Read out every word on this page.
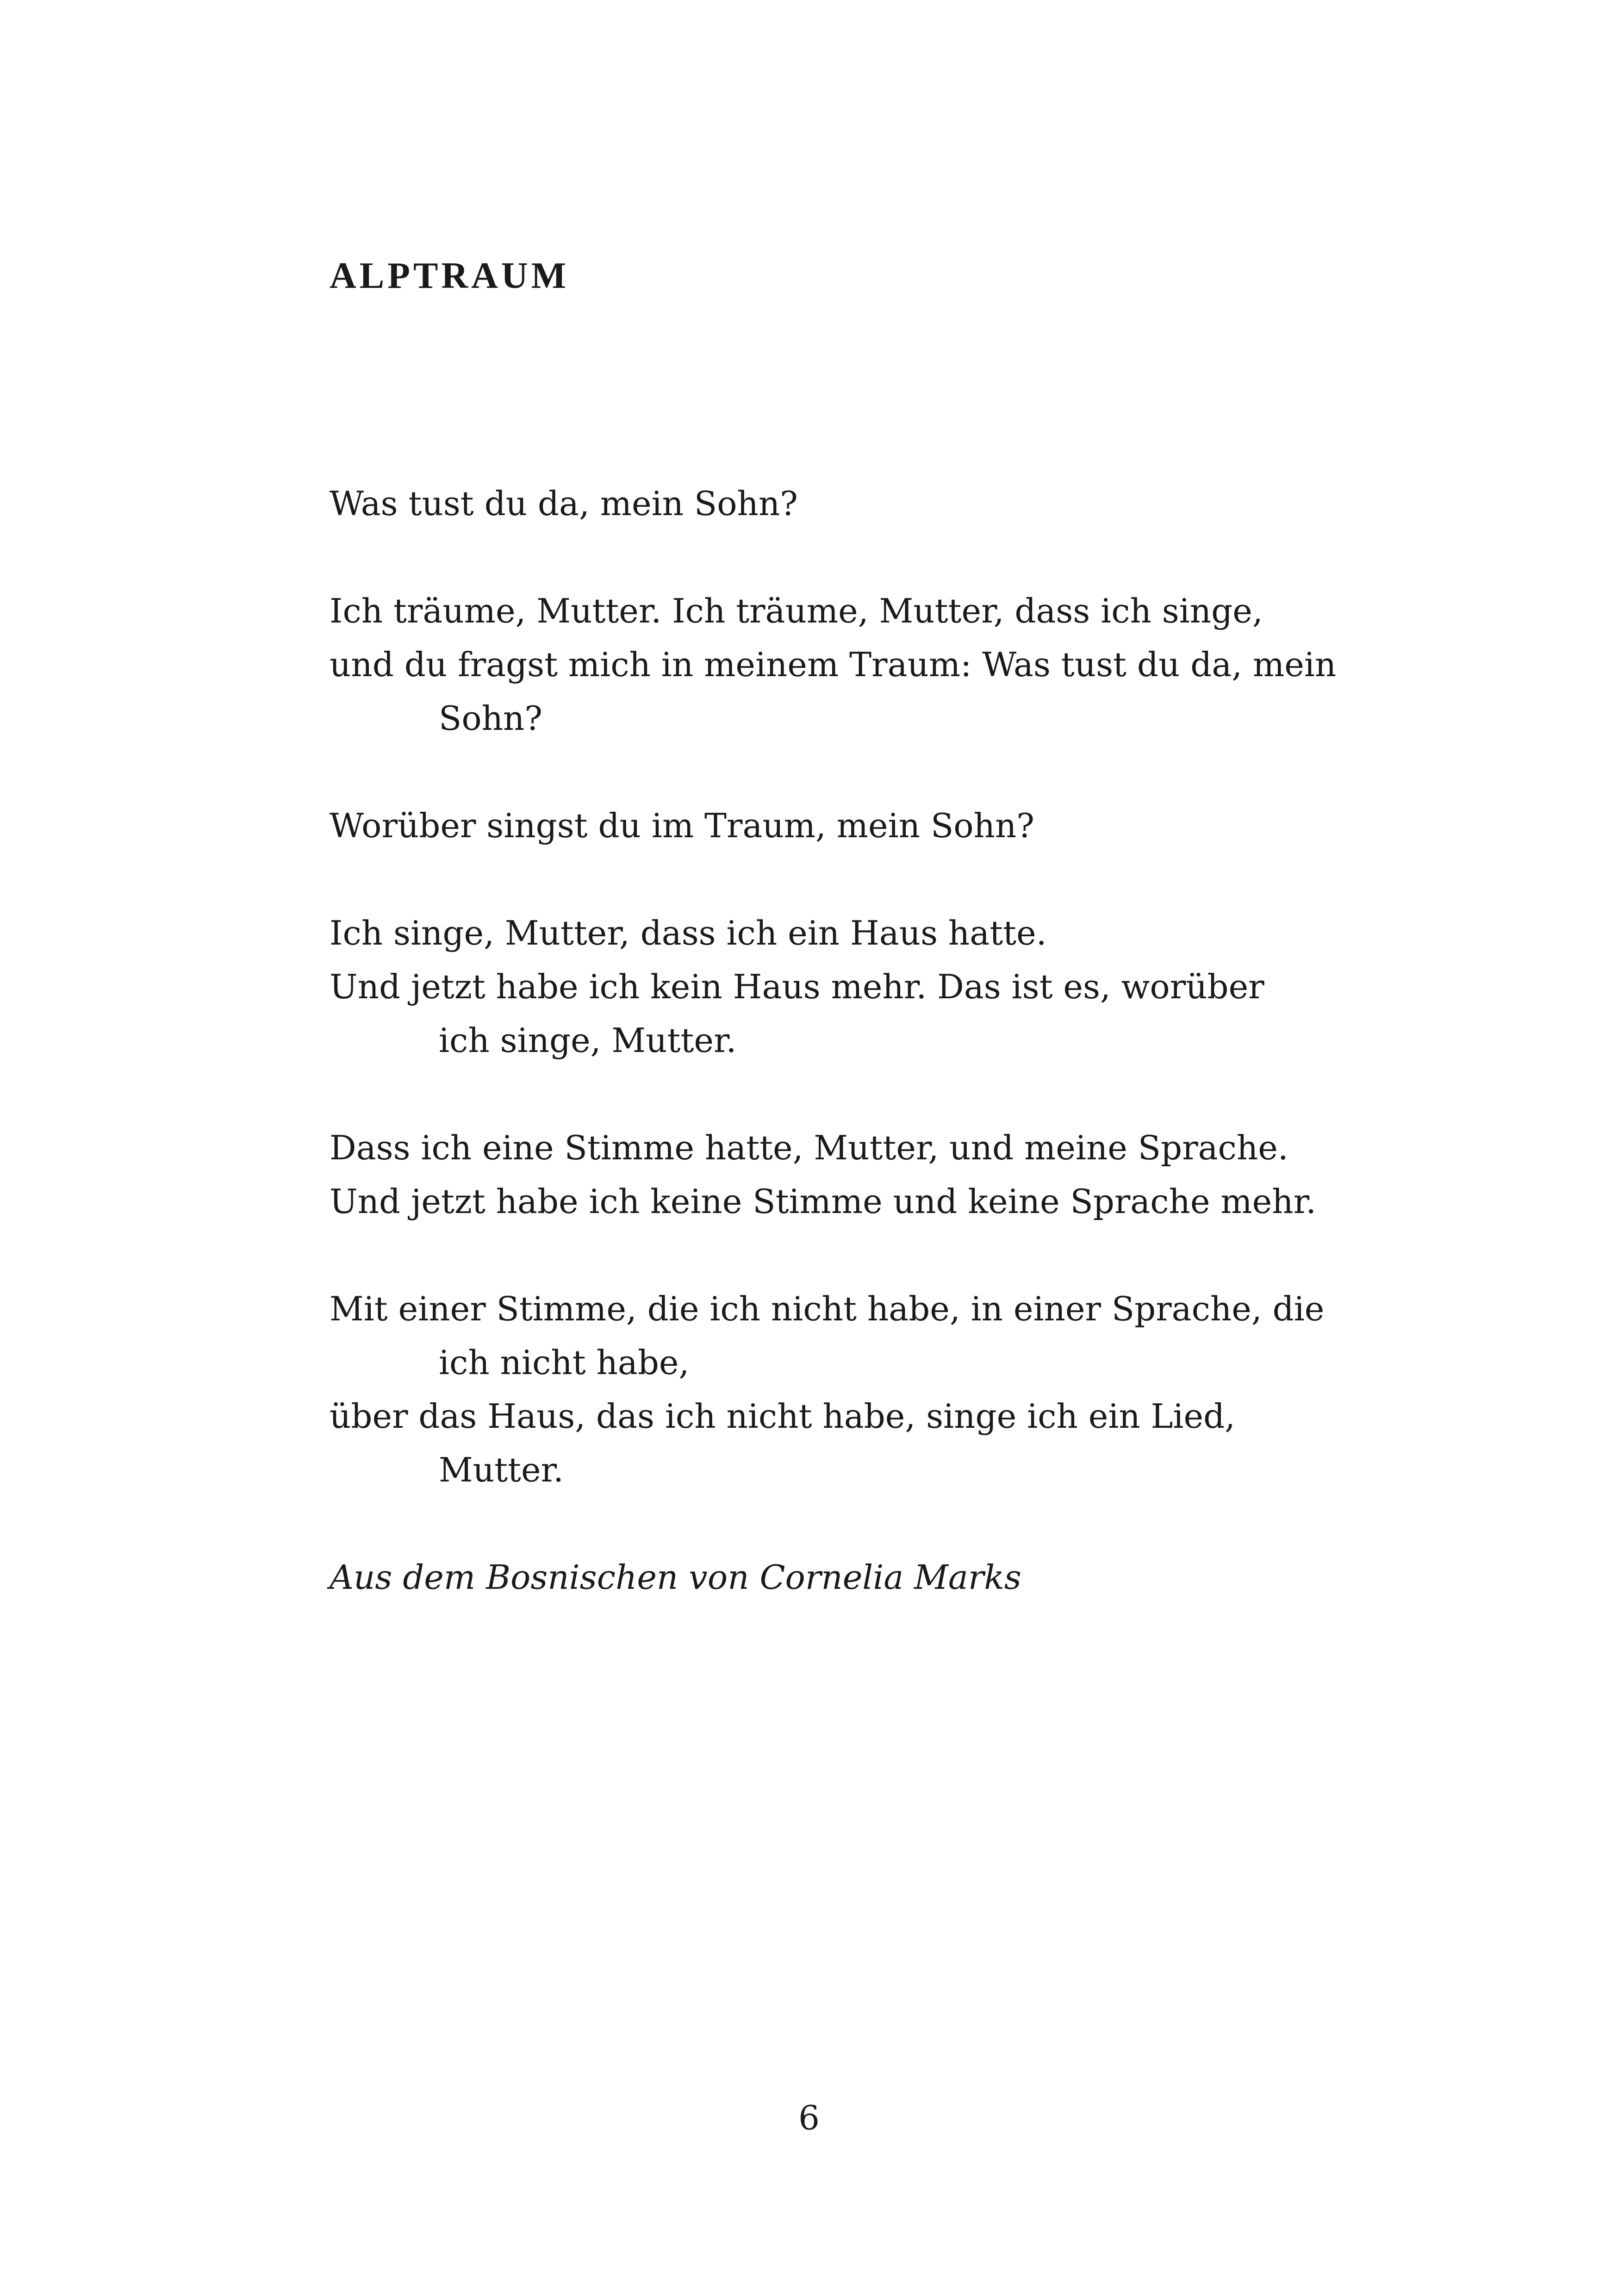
ALPTRAUM

Was tust du da, mein Sohn?

Ich träume, Mutter. Ich träume, Mutter, dass ich singe,
und du fragst mich in meinem Traum: Was tust du da, mein
Sohn?

Worüber singst du im Traum, mein Sohn?

Ich singe, Mutter, dass ich ein Haus hatte.
Und jetzt habe ich kein Haus mehr. Das ist es, worüber
ich singe, Mutter.

Dass ich eine Stimme hatte, Mutter, und meine Sprache.
Und jetzt habe ich keine Stimme und keine Sprache mehr.

Mit einer Stimme, die ich nicht habe, in einer Sprache, die
ich nicht habe,
über das Haus, das ich nicht habe, singe ich ein Lied,
Mutter.

Aus dem Bosnischen von Cornelia Marks
6
